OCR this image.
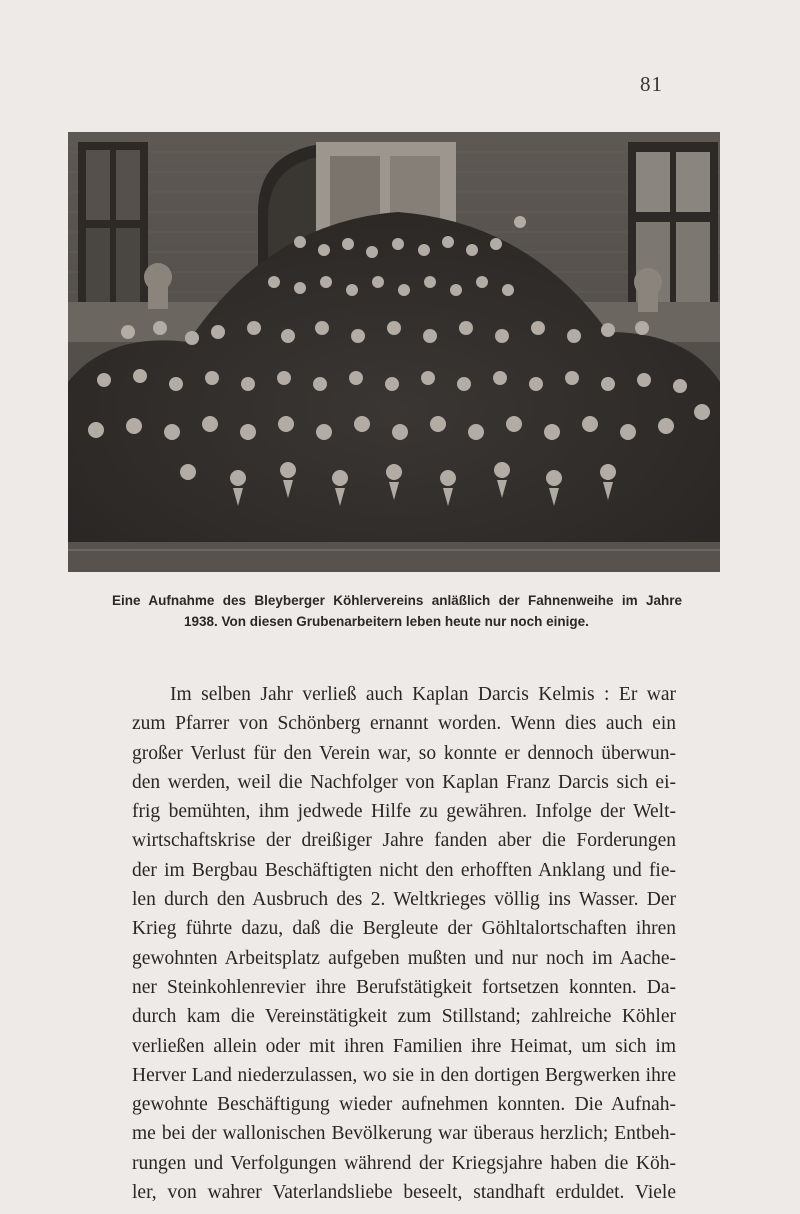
81

Eine Aufnahme des Bleyberger Köhlervereins anläßlich der Fahnenweihe im Jahre

1938. Von diesen Grubenarbeitern leben heute nur noch einige.

Im selben Jahr verließ auch Kaplan Darcis Kelmis : Er war
zum Pfarrer von Schönberg ernannt worden. Wenn dies auch ein
großer Verlust für den Verein war, so konnte er dennoch überwun-
den werden, weil die Nachfolger von Kaplan Franz Darcis sich ei-
frig bemühten, ihm jedwede Hilfe zu gewähren. Infolge der Welt-
wirtschaftskrise der dreißiger Jahre fanden aber die Forderungen
der im Bergbau Beschäftigten nicht den erhofften Anklang und fie-
len durch den Ausbruch des 2. Weltkrieges völlig ins Wasser. Der
Krieg führte dazu, daß die Bergleute der Göhltalortschaften ihren
gewohnten Arbeitsplatz aufgeben mußten und nur noch im Aache-
ner Steinkohlenrevier ihre Berufstätigkeit fortsetzen konnten. Da-
durch kam die Vereinstätigkeit zum Stillstand; zahlreiche Köhler
verließen allein oder mit ihren Familien ihre Heimat, um sich im
Herver Land niederzulassen, wo sie in den dortigen Bergwerken ihre
gewohnte Beschäftigung wieder aufnehmen konnten. Die Aufnah-
me bei der wallonischen Bevölkerung war überaus herzlich; Entbeh-
rungen und Verfolgungen während der Kriegsjahre haben die Köh-
ler, von wahrer Vaterlandsliebe beseelt, standhaft erduldet. Viele
